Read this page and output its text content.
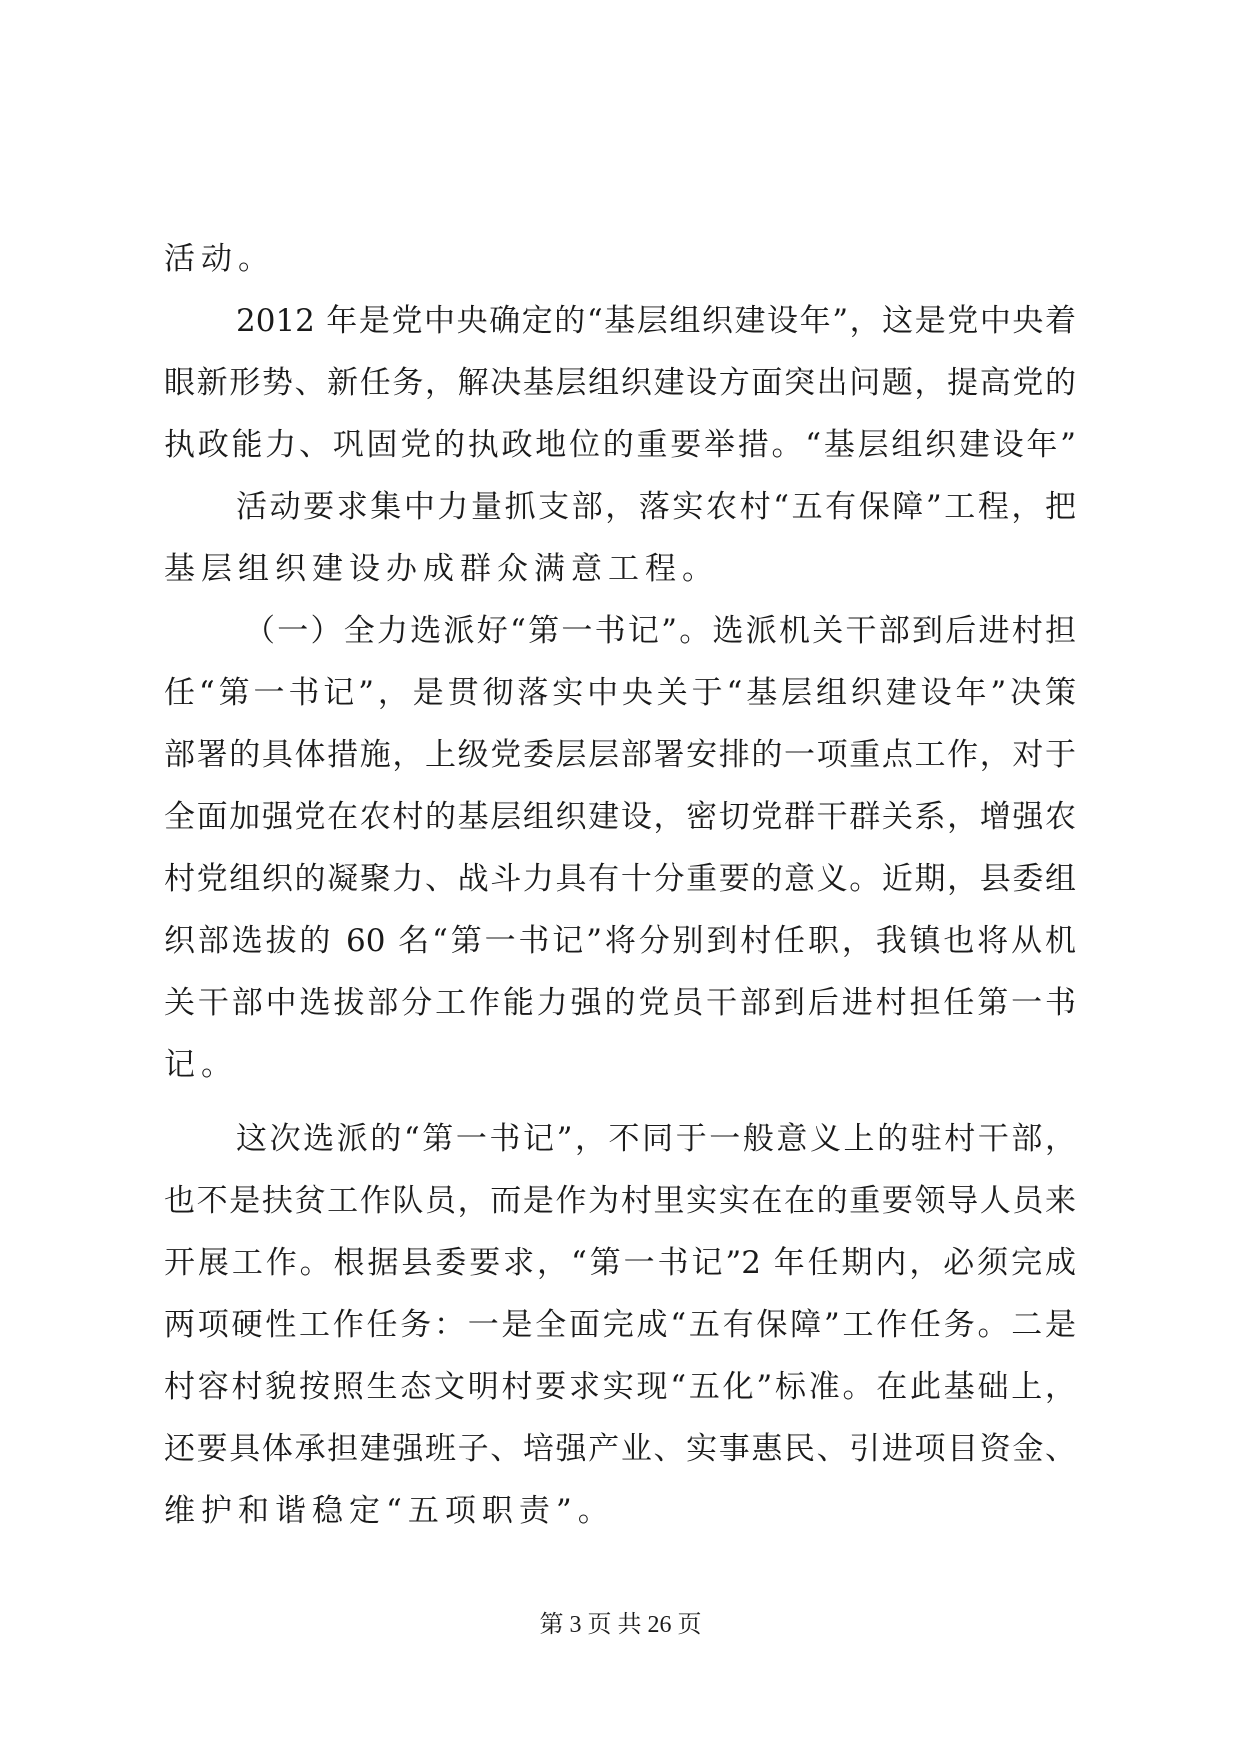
活动。
2012 年是党中央确定的“基层组织建设年”，这是党中央着
眼新形势、新任务，解决基层组织建设方面突出问题，提高党的
执政能力、巩固党的执政地位的重要举措。“基层组织建设年”
活动要求集中力量抓支部，落实农村“五有保障”工程，把
基层组织建设办成群众满意工程。
（一）全力选派好“第一书记”。选派机关干部到后进村担
任“第一书记”，是贯彻落实中央关于“基层组织建设年”决策
部署的具体措施，上级党委层层部署安排的一项重点工作，对于
全面加强党在农村的基层组织建设，密切党群干群关系，增强农
村党组织的凝聚力、战斗力具有十分重要的意义。近期，县委组
织部选拔的 60 名“第一书记”将分别到村任职，我镇也将从机
关干部中选拔部分工作能力强的党员干部到后进村担任第一书
记。
这次选派的“第一书记”，不同于一般意义上的驻村干部，
也不是扶贫工作队员，而是作为村里实实在在的重要领导人员来
开展工作。根据县委要求，“第一书记”2 年任期内，必须完成
两项硬性工作任务：一是全面完成“五有保障”工作任务。二是
村容村貌按照生态文明村要求实现“五化”标准。在此基础上，
还要具体承担建强班子、培强产业、实事惠民、引进项目资金、
维护和谐稳定“五项职责”。
第 3 页 共 26 页
